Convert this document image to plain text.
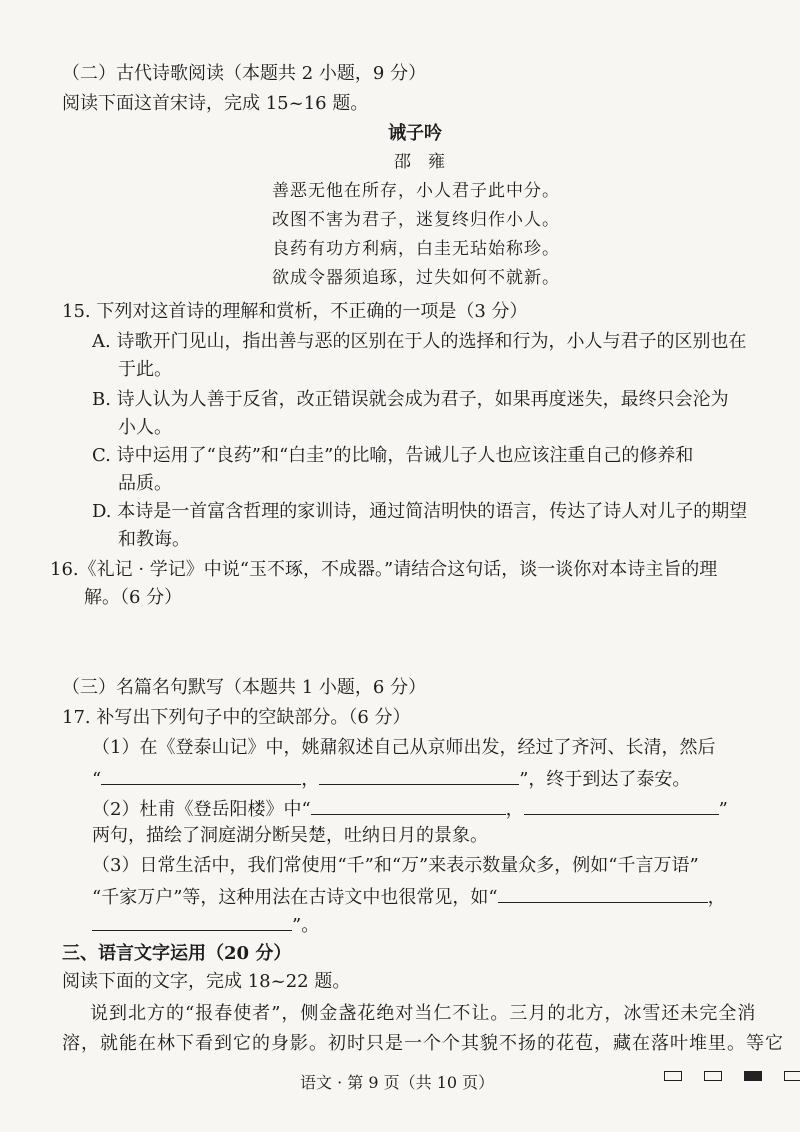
（二）古代诗歌阅读（本题共 2 小题，9 分）
阅读下面这首宋诗，完成 15~16 题。
诫子吟
邵　雍
善恶无他在所存，小人君子此中分。
改图不害为君子，迷复终归作小人。
良药有功方利病，白圭无玷始称珍。
欲成令器须追琢，过失如何不就新。
15. 下列对这首诗的理解和赏析，不正确的一项是（3 分）
A. 诗歌开门见山，指出善与恶的区别在于人的选择和行为，小人与君子的区别也在
于此。
B. 诗人认为人善于反省，改正错误就会成为君子，如果再度迷失，最终只会沦为
小人。
C. 诗中运用了“良药”和“白圭”的比喻，告诫儿子人也应该注重自己的修养和
品质。
D. 本诗是一首富含哲理的家训诗，通过简洁明快的语言，传达了诗人对儿子的期望
和教诲。
16.《礼记 · 学记》中说“玉不琢，不成器。”请结合这句话，谈一谈你对本诗主旨的理
解。（6 分）
（三）名篇名句默写（本题共 1 小题，6 分）
17. 补写出下列句子中的空缺部分。（6 分）
（1）在《登泰山记》中，姚鼐叙述自己从京师出发，经过了齐河、长清，然后
“	，	”，终于到达了泰安。
（2）杜甫《登岳阳楼》中“	，	”
两句，描绘了洞庭湖分断吴楚，吐纳日月的景象。
（3）日常生活中，我们常使用“千”和“万”来表示数量众多，例如“千言万语”
“千家万户”等，这种用法在古诗文中也很常见，如“	，
”。
三、语言文字运用（20 分）
阅读下面的文字，完成 18~22 题。
说到北方的“报春使者”，侧金盏花绝对当仁不让。三月的北方，冰雪还未完全消
溶，就能在林下看到它的身影。初时只是一个个其貌不扬的花苞，藏在落叶堆里。等它
语文 · 第 9 页（共 10 页）
